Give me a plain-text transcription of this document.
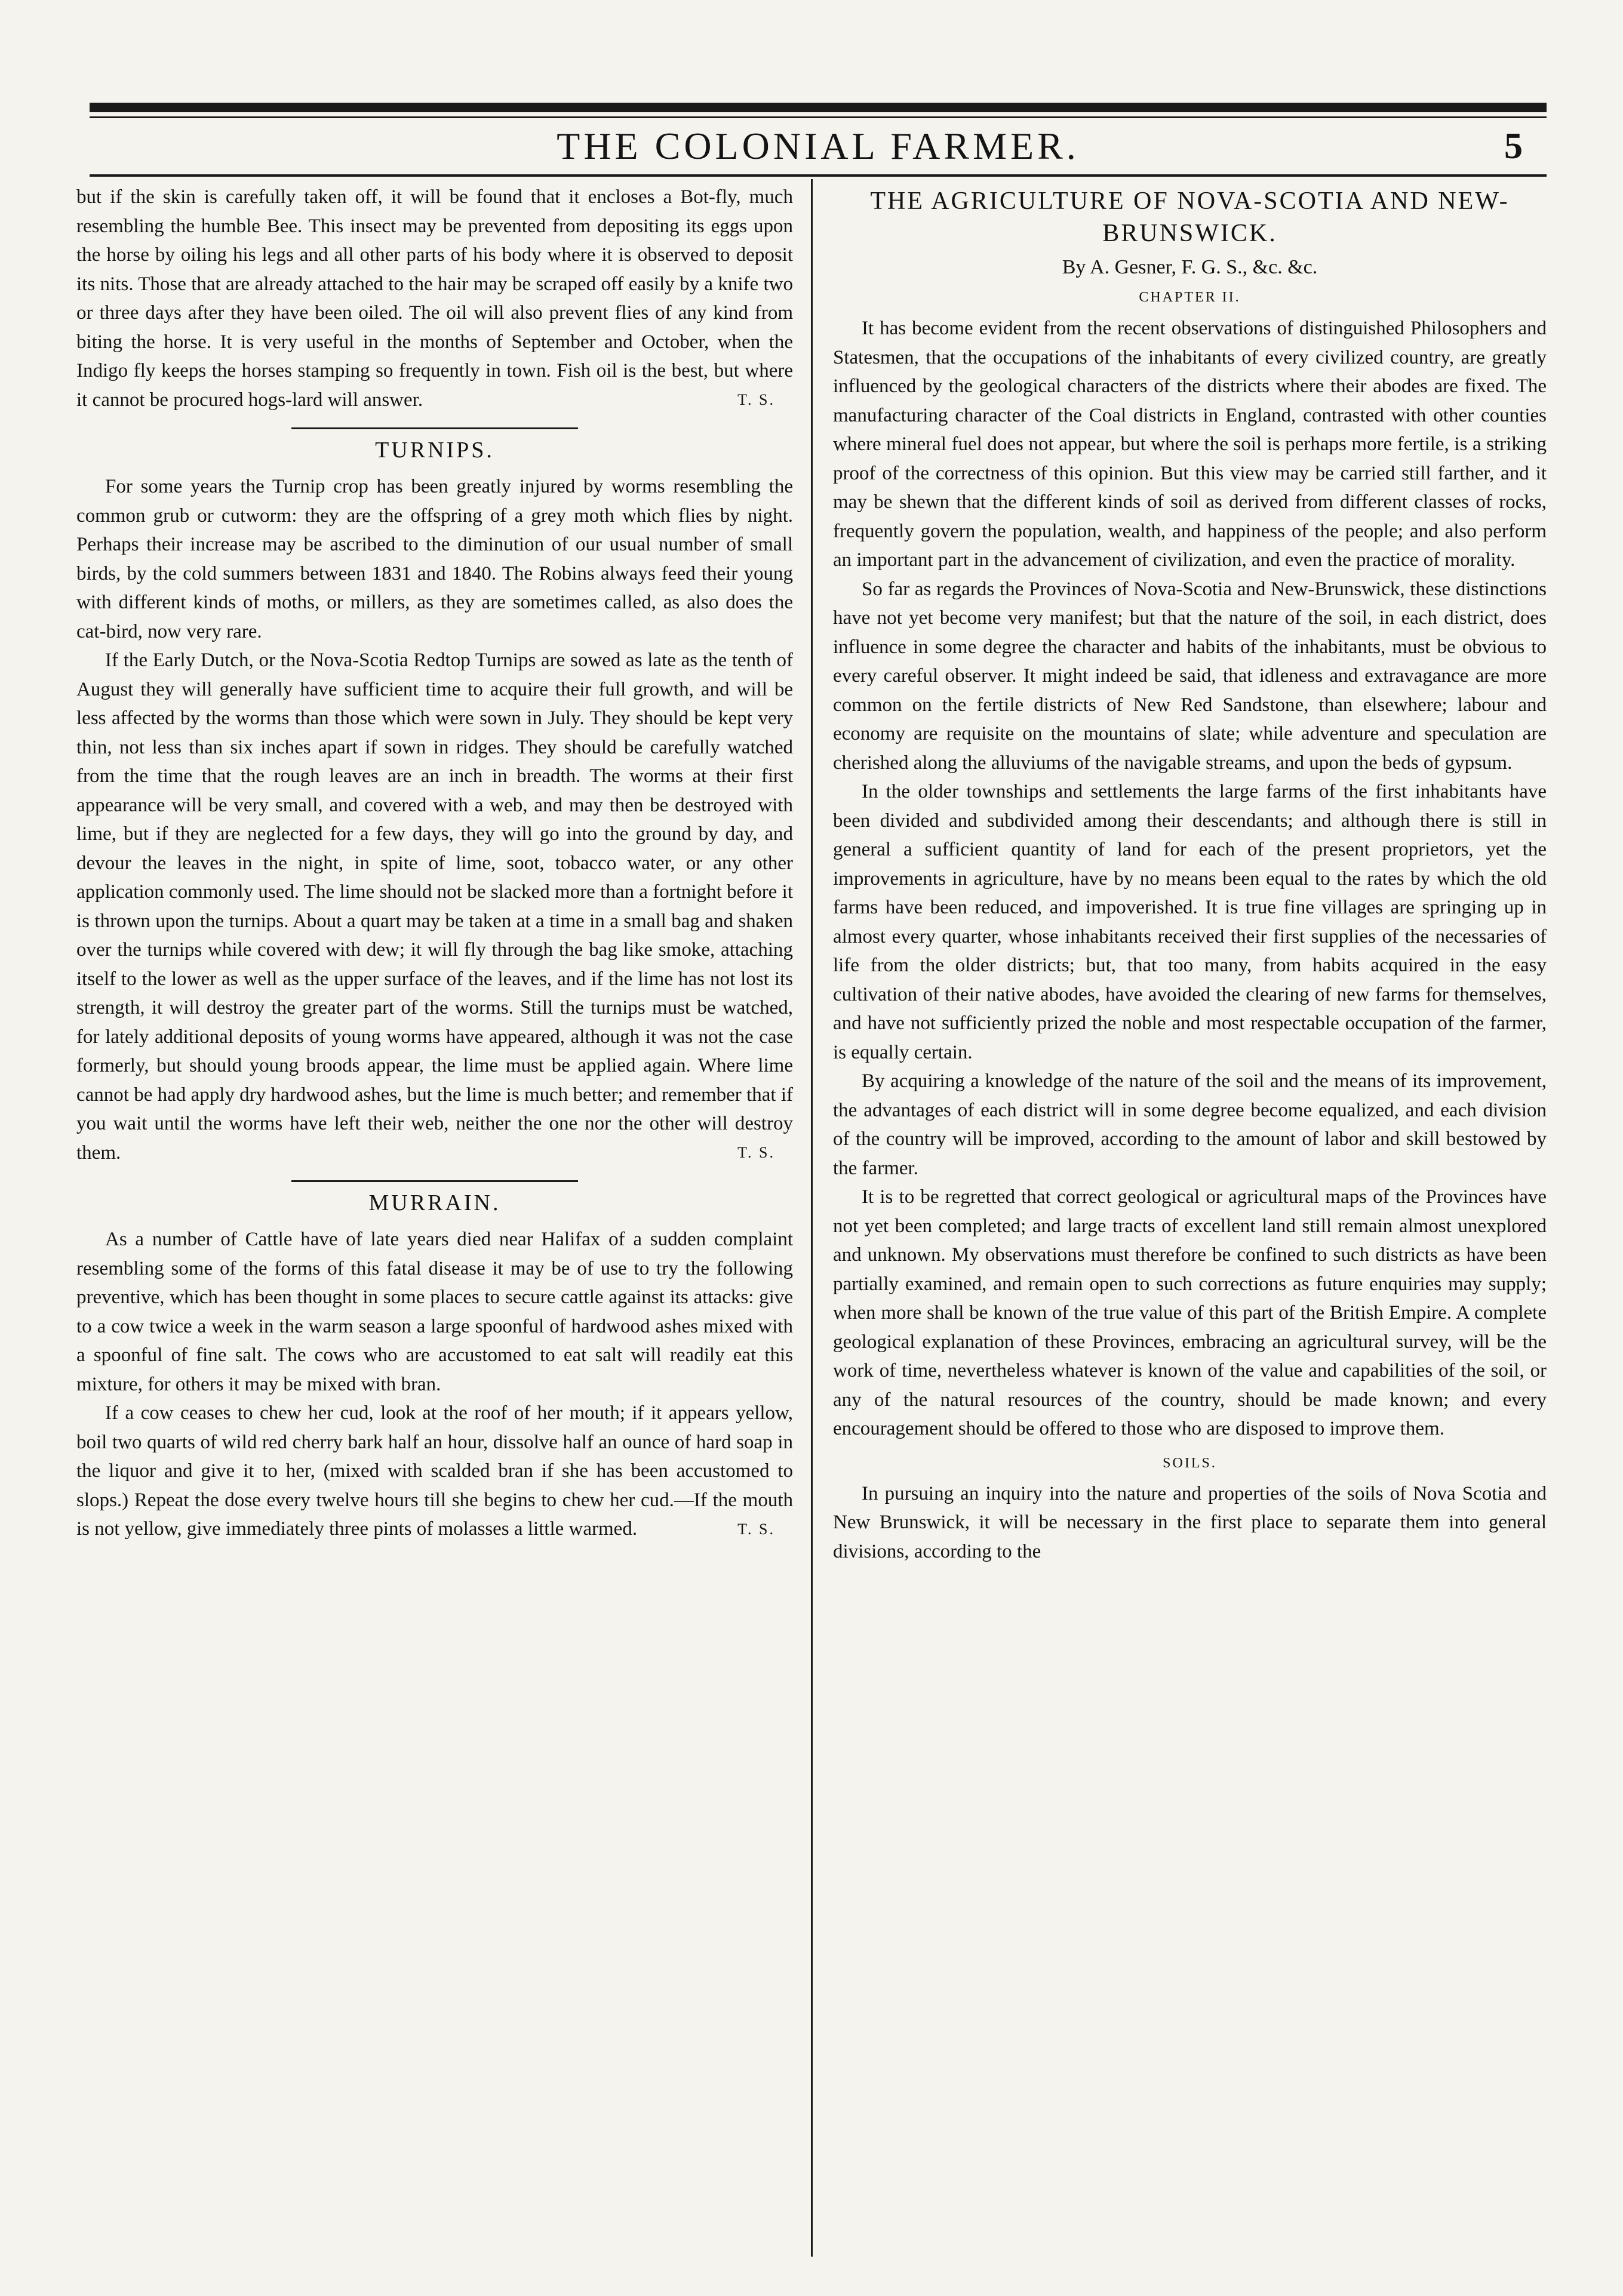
THE COLONIAL FARMER.	5

but if the skin is carefully taken off, it will be found that it encloses a Bot-fly, much resembling the humble Bee. This insect may be prevented from depositing its eggs upon the horse by oiling his legs and all other parts of his body where it is observed to deposit its nits. Those that are already attached to the hair may be scraped off easily by a knife two or three days after they have been oiled. The oil will also prevent flies of any kind from biting the horse. It is very useful in the months of September and October, when the Indigo fly keeps the horses stamping so frequently in town. Fish oil is the best, but where it cannot be procured hogs-lard will answer.	T. S.
TURNIPS.

For some years the Turnip crop has been greatly injured by worms resembling the common grub or cutworm: they are the offspring of a grey moth which flies by night. Perhaps their increase may be ascribed to the diminution of our usual number of small birds, by the cold summers between 1831 and 1840. The Robins always feed their young with different kinds of moths, or millers, as they are sometimes called, as also does the cat-bird, now very rare.

If the Early Dutch, or the Nova-Scotia Redtop Turnips are sowed as late as the tenth of August they will generally have sufficient time to acquire their full growth, and will be less affected by the worms than those which were sown in July. They should be kept very thin, not less than six inches apart if sown in ridges. They should be carefully watched from the time that the rough leaves are an inch in breadth. The worms at their first appearance will be very small, and covered with a web, and may then be destroyed with lime, but if they are neglected for a few days, they will go into the ground by day, and devour the leaves in the night, in spite of lime, soot, tobacco water, or any other application commonly used. The lime should not be slacked more than a fortnight before it is thrown upon the turnips. About a quart may be taken at a time in a small bag and shaken over the turnips while covered with dew; it will fly through the bag like smoke, attaching itself to the lower as well as the upper surface of the leaves, and if the lime has not lost its strength, it will destroy the greater part of the worms. Still the turnips must be watched, for lately additional deposits of young worms have appeared, although it was not the case formerly, but should young broods appear, the lime must be applied again. Where lime cannot be had apply dry hardwood ashes, but the lime is much better; and remember that if you wait until the worms have left their web, neither the one nor the other will destroy them.	T. S.
MURRAIN.

As a number of Cattle have of late years died near Halifax of a sudden complaint resembling some of the forms of this fatal disease it may be of use to try the following preventive, which has been thought in some places to secure cattle against its attacks: give to a cow twice a week in the warm season a large spoonful of hardwood ashes mixed with a spoonful of fine salt. The cows who are accustomed to eat salt will readily eat this mixture, for others it may be mixed with bran.

If a cow ceases to chew her cud, look at the roof of her mouth; if it appears yellow, boil two quarts of wild red cherry bark half an hour, dissolve half an ounce of hard soap in the liquor and give it to her, (mixed with scalded bran if she has been accustomed to slops.) Repeat the dose every twelve hours till she begins to chew her cud.—If the mouth is not yellow, give immediately three pints of molasses a little warmed.	T. S.
THE AGRICULTURE OF NOVA-SCOTIA AND NEW-BRUNSWICK.

By A. Gesner, F. G. S., &c. &c.

CHAPTER II.

It has become evident from the recent observations of distinguished Philosophers and Statesmen, that the occupations of the inhabitants of every civilized country, are greatly influenced by the geological characters of the districts where their abodes are fixed. The manufacturing character of the Coal districts in England, contrasted with other counties where mineral fuel does not appear, but where the soil is perhaps more fertile, is a striking proof of the correctness of this opinion. But this view may be carried still farther, and it may be shewn that the different kinds of soil as derived from different classes of rocks, frequently govern the population, wealth, and happiness of the people; and also perform an important part in the advancement of civilization, and even the practice of morality.

So far as regards the Provinces of Nova-Scotia and New-Brunswick, these distinctions have not yet become very manifest; but that the nature of the soil, in each district, does influence in some degree the character and habits of the inhabitants, must be obvious to every careful observer. It might indeed be said, that idleness and extravagance are more common on the fertile districts of New Red Sandstone, than elsewhere; labour and economy are requisite on the mountains of slate; while adventure and speculation are cherished along the alluviums of the navigable streams, and upon the beds of gypsum.

In the older townships and settlements the large farms of the first inhabitants have been divided and subdivided among their descendants; and although there is still in general a sufficient quantity of land for each of the present proprietors, yet the improvements in agriculture, have by no means been equal to the rates by which the old farms have been reduced, and impoverished. It is true fine villages are springing up in almost every quarter, whose inhabitants received their first supplies of the necessaries of life from the older districts; but, that too many, from habits acquired in the easy cultivation of their native abodes, have avoided the clearing of new farms for themselves, and have not sufficiently prized the noble and most respectable occupation of the farmer, is equally certain.

By acquiring a knowledge of the nature of the soil and the means of its improvement, the advantages of each district will in some degree become equalized, and each division of the country will be improved, according to the amount of labor and skill bestowed by the farmer.

It is to be regretted that correct geological or agricultural maps of the Provinces have not yet been completed; and large tracts of excellent land still remain almost unexplored and unknown. My observations must therefore be confined to such districts as have been partially examined, and remain open to such corrections as future enquiries may supply; when more shall be known of the true value of this part of the British Empire. A complete geological explanation of these Provinces, embracing an agricultural survey, will be the work of time, nevertheless whatever is known of the value and capabilities of the soil, or any of the natural resources of the country, should be made known; and every encouragement should be offered to those who are disposed to improve them.

SOILS.

In pursuing an inquiry into the nature and properties of the soils of Nova Scotia and New Brunswick, it will be necessary in the first place to separate them into general divisions, according to the
